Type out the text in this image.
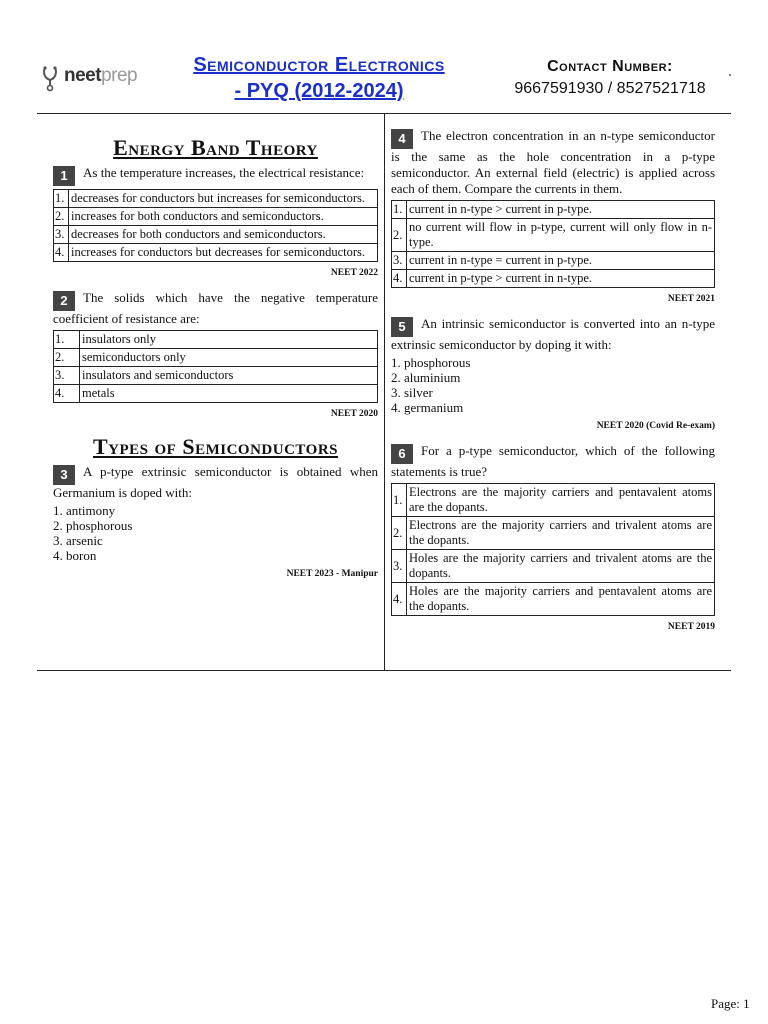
neetprep	Semiconductor Electronics
- PYQ (2012-2024)
Contact Number:
9667591930 / 8527521718
Energy Band Theory
1 As the temperature increases, the electrical resistance:
1.	decreases for conductors but increases for semiconductors.
2.	increases for both conductors and semiconductors.
3.	decreases for both conductors and semiconductors.
4.	increases for conductors but decreases for semiconductors.
NEET 2022
2 The solids which have the negative temperature coefficient of resistance are:
1.	insulators only
2.	semiconductors only
3.	insulators and semiconductors
4.	metals
NEET 2020
Types of Semiconductors
3 A p-type extrinsic semiconductor is obtained when Germanium is doped with:
1. antimony
2. phosphorous
3. arsenic
4. boron
NEET 2023 - Manipur
4 The electron concentration in an n-type semiconductor is the same as the hole concentration in a p-type semiconductor. An external field (electric) is applied across each of them. Compare the currents in them.
1.	current in n-type > current in p-type.
2.	no current will flow in p-type, current will only flow in n-type.
3.	current in n-type = current in p-type.
4.	current in p-type > current in n-type.
NEET 2021
5 An intrinsic semiconductor is converted into an n-type extrinsic semiconductor by doping it with:
1. phosphorous
2. aluminium
3. silver
4. germanium
NEET 2020 (Covid Re-exam)
6 For a p-type semiconductor, which of the following statements is true?
1.	Electrons are the majority carriers and pentavalent atoms are the dopants.
2.	Electrons are the majority carriers and trivalent atoms are the dopants.
3.	Holes are the majority carriers and trivalent atoms are the dopants.
4.	Holes are the majority carriers and pentavalent atoms are the dopants.
NEET 2019
Page: 1
